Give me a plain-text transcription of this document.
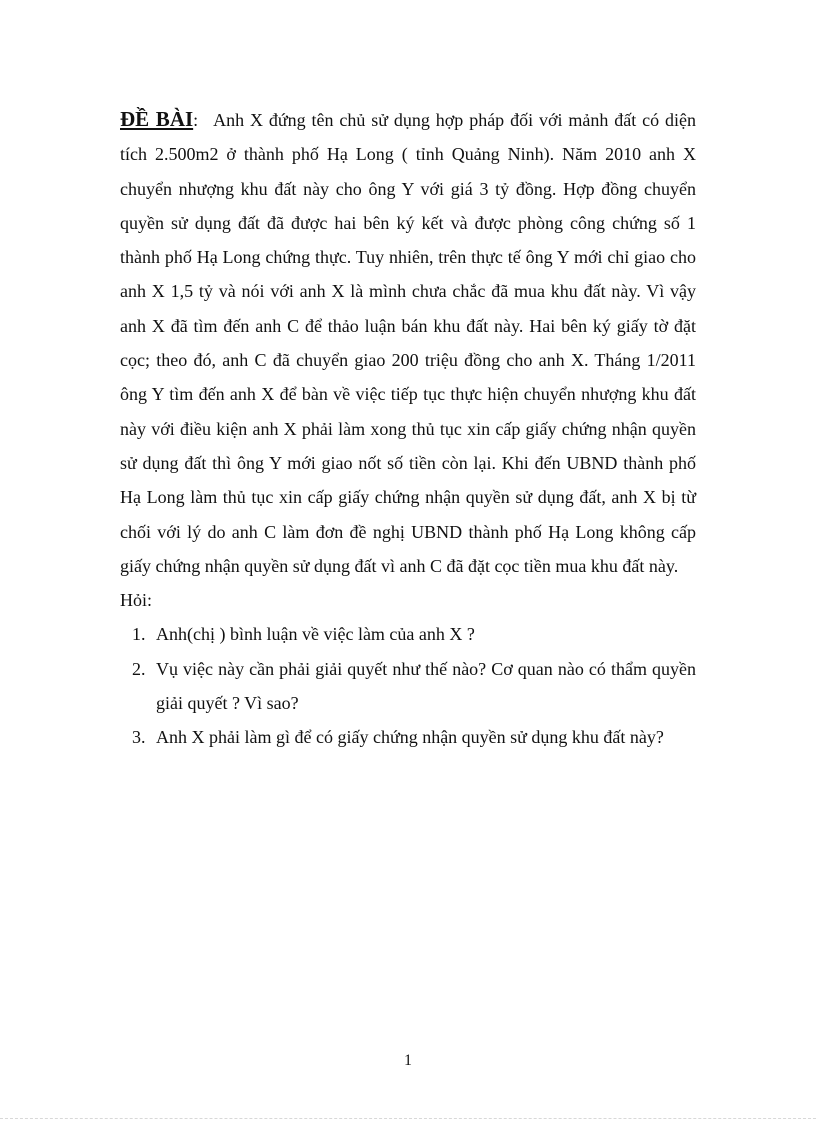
ĐỀ BÀI: Anh X đứng tên chủ sử dụng hợp pháp đối với mảnh đất có diện tích 2.500m2 ở thành phố Hạ Long ( tỉnh Quảng Ninh). Năm 2010 anh X chuyển nhượng khu đất này cho ông Y với giá 3 tỷ đồng. Hợp đồng chuyển quyền sử dụng đất đã được hai bên ký kết và được phòng công chứng số 1 thành phố Hạ Long chứng thực. Tuy nhiên, trên thực tế ông Y mới chỉ giao cho anh X 1,5 tỷ và nói với anh X là mình chưa chắc đã mua khu đất này. Vì vậy anh X đã tìm đến anh C để thảo luận bán khu đất này. Hai bên ký giấy tờ đặt cọc; theo đó, anh C đã chuyển giao 200 triệu đồng cho anh X. Tháng 1/2011 ông Y tìm đến anh X để bàn về việc tiếp tục thực hiện chuyển nhượng khu đất này với điều kiện anh X phải làm xong thủ tục xin cấp giấy chứng nhận quyền sử dụng đất thì ông Y mới giao nốt số tiền còn lại. Khi đến UBND thành phố Hạ Long làm thủ tục xin cấp giấy chứng nhận quyền sử dụng đất, anh X bị từ chối với lý do anh C làm đơn đề nghị UBND thành phố Hạ Long không cấp giấy chứng nhận quyền sử dụng đất vì anh C đã đặt cọc tiền mua khu đất này.

Hỏi:

1. Anh(chị ) bình luận về việc làm của anh X ?
2. Vụ việc này cần phải giải quyết như thế nào? Cơ quan nào có thẩm quyền giải quyết ? Vì sao?
3. Anh X phải làm gì để có giấy chứng nhận quyền sử dụng khu đất này?
1
